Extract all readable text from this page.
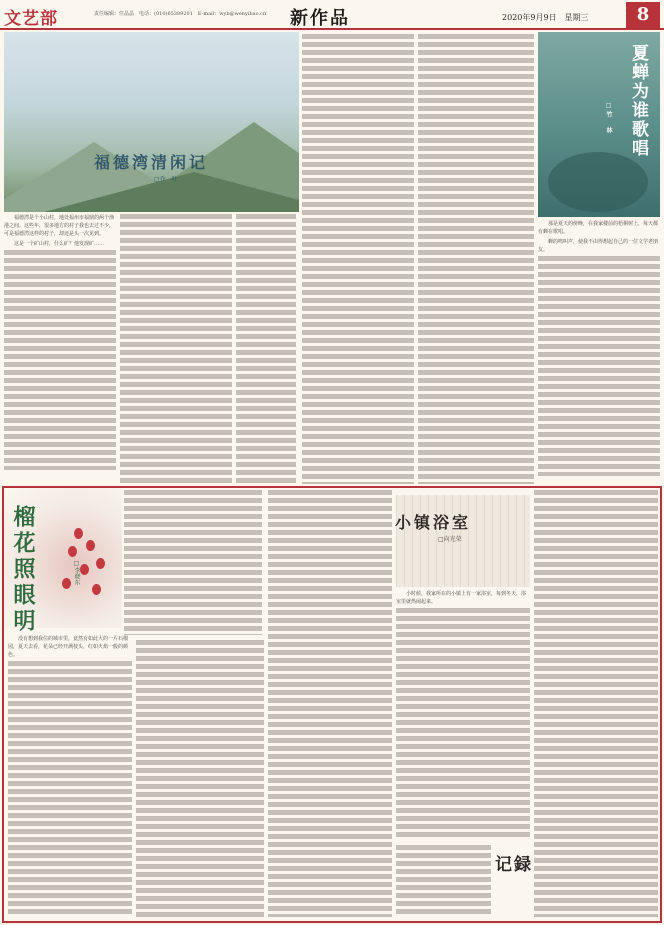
文艺部	责任编辑：任晶晶　电话：(010)65389201　E-mail：wyb@wenyibao.cn 新作品	2020年9月9日　星期三	8
福德湾清闲记
□乔　叶

福德湾是个小山村，地处福州市福鼎的两个渔港之间。这些年，很多地方的村子我也去过不少，可是福德湾这样的村子，却还是头一次见到。

这是一个矿山村，什么矿？他发现矿……

夏蝉为谁歌唱
□竹　林

那是夏天的傍晚，在我家楼前的梧桐树上，每天都有蝉在歌唱。

蝉的鸣叫声，使我不由得想起自己的一位文学老朋友。

榴花照眼明	□李晓东

没有想到我住的城市里，竟然有如此大的一片石榴园，夏天去看，花朵已经开满枝头，红如火焰一般的颜色。

小镇浴室
□向光荣

小时候，我家所在的小镇上有一家浴室，每到冬天，浴室里就热闹起来。

记録
